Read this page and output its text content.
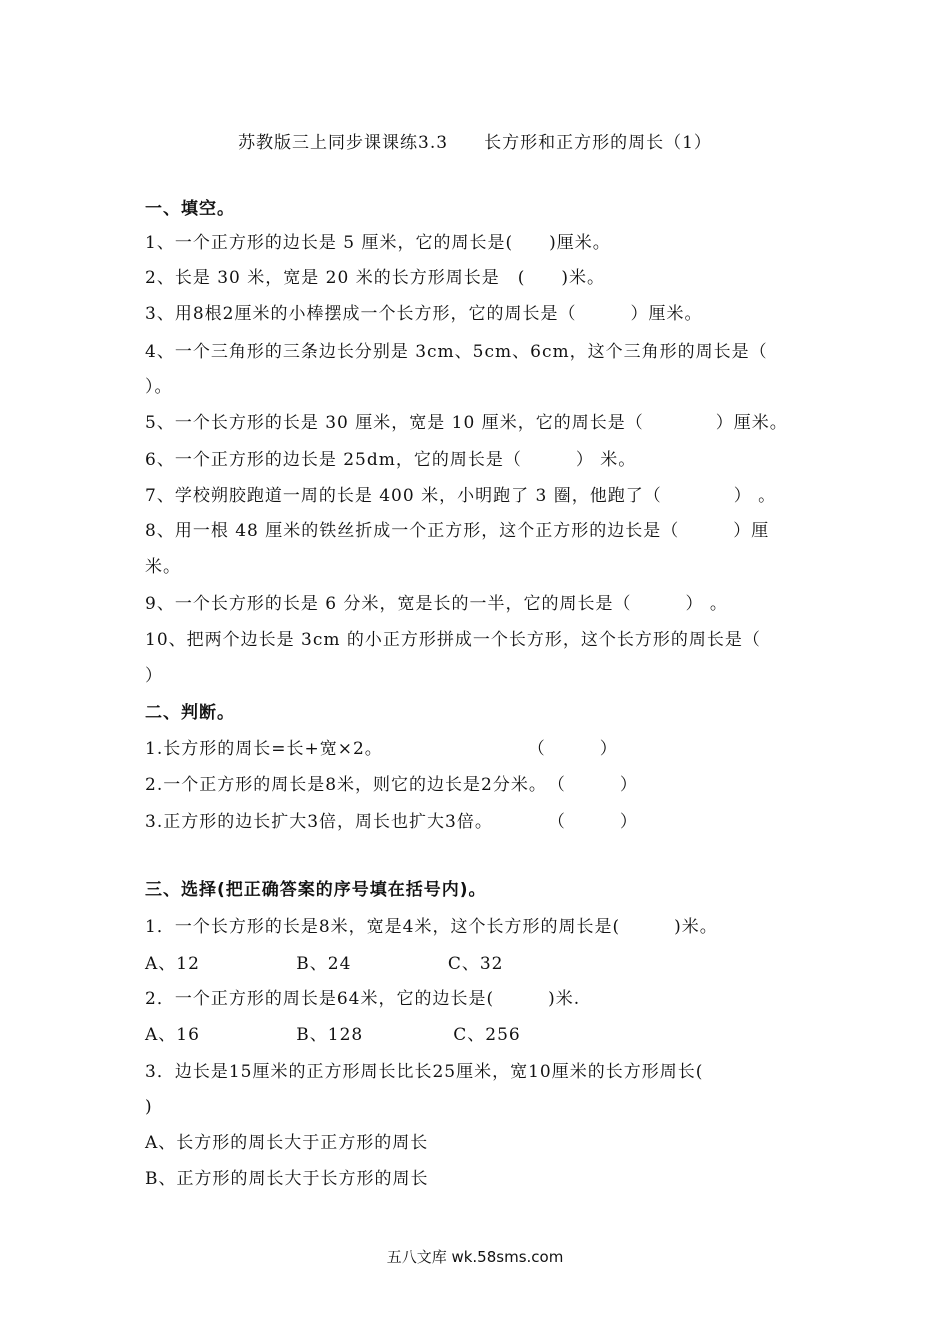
苏教版三上同步课课练3.3　　长方形和正方形的周长（1）
一、填空。
1、一个正方形的边长是 5 厘米，它的周长是(　　)厘米。
2、长是 30 米，宽是 20 米的长方形周长是　(　　)米。
3、用8根2厘米的小棒摆成一个长方形，它的周长是（　　　）厘米。
4、一个三角形的三条边长分别是 3cm、5cm、6cm，这个三角形的周长是（
）。
5、一个长方形的长是 30 厘米，宽是 10 厘米，它的周长是（　　　　）厘米。
6、一个正方形的边长是 25dm，它的周长是（　　　） 米。
7、学校朔胶跑道一周的长是 400 米，小明跑了 3 圈，他跑了（　　　　） 。
8、用一根 48 厘米的铁丝折成一个正方形，这个正方形的边长是（　　　）厘
米。
9、一个长方形的长是 6 分米，宽是长的一半，它的周长是（　　　） 。
10、把两个边长是 3cm 的小正方形拼成一个长方形，这个长方形的周长是（
）
二、判断。
1.长方形的周长=长+宽×2。　　　　　　　　　（　　　）
2.一个正方形的周长是8米，则它的边长是2分米。　（　　　）
3.正方形的边长扩大3倍，周长也扩大3倍。　　　　（　　　）
三、选择(把正确答案的序号填在括号内)。
1．一个长方形的长是8米，宽是4米，这个长方形的周长是(　　　)米。
A、12　　　　　 B、24　　　　　 C、32
2．一个正方形的周长是64米，它的边长是(　　　)米.
A、16　　　　　 B、128　　　　　C、256
3．边长是15厘米的正方形周长比长25厘米，宽10厘米的长方形周长(
)
A、长方形的周长大于正方形的周长
B、正方形的周长大于长方形的周长
五八文库 wk.58sms.com
